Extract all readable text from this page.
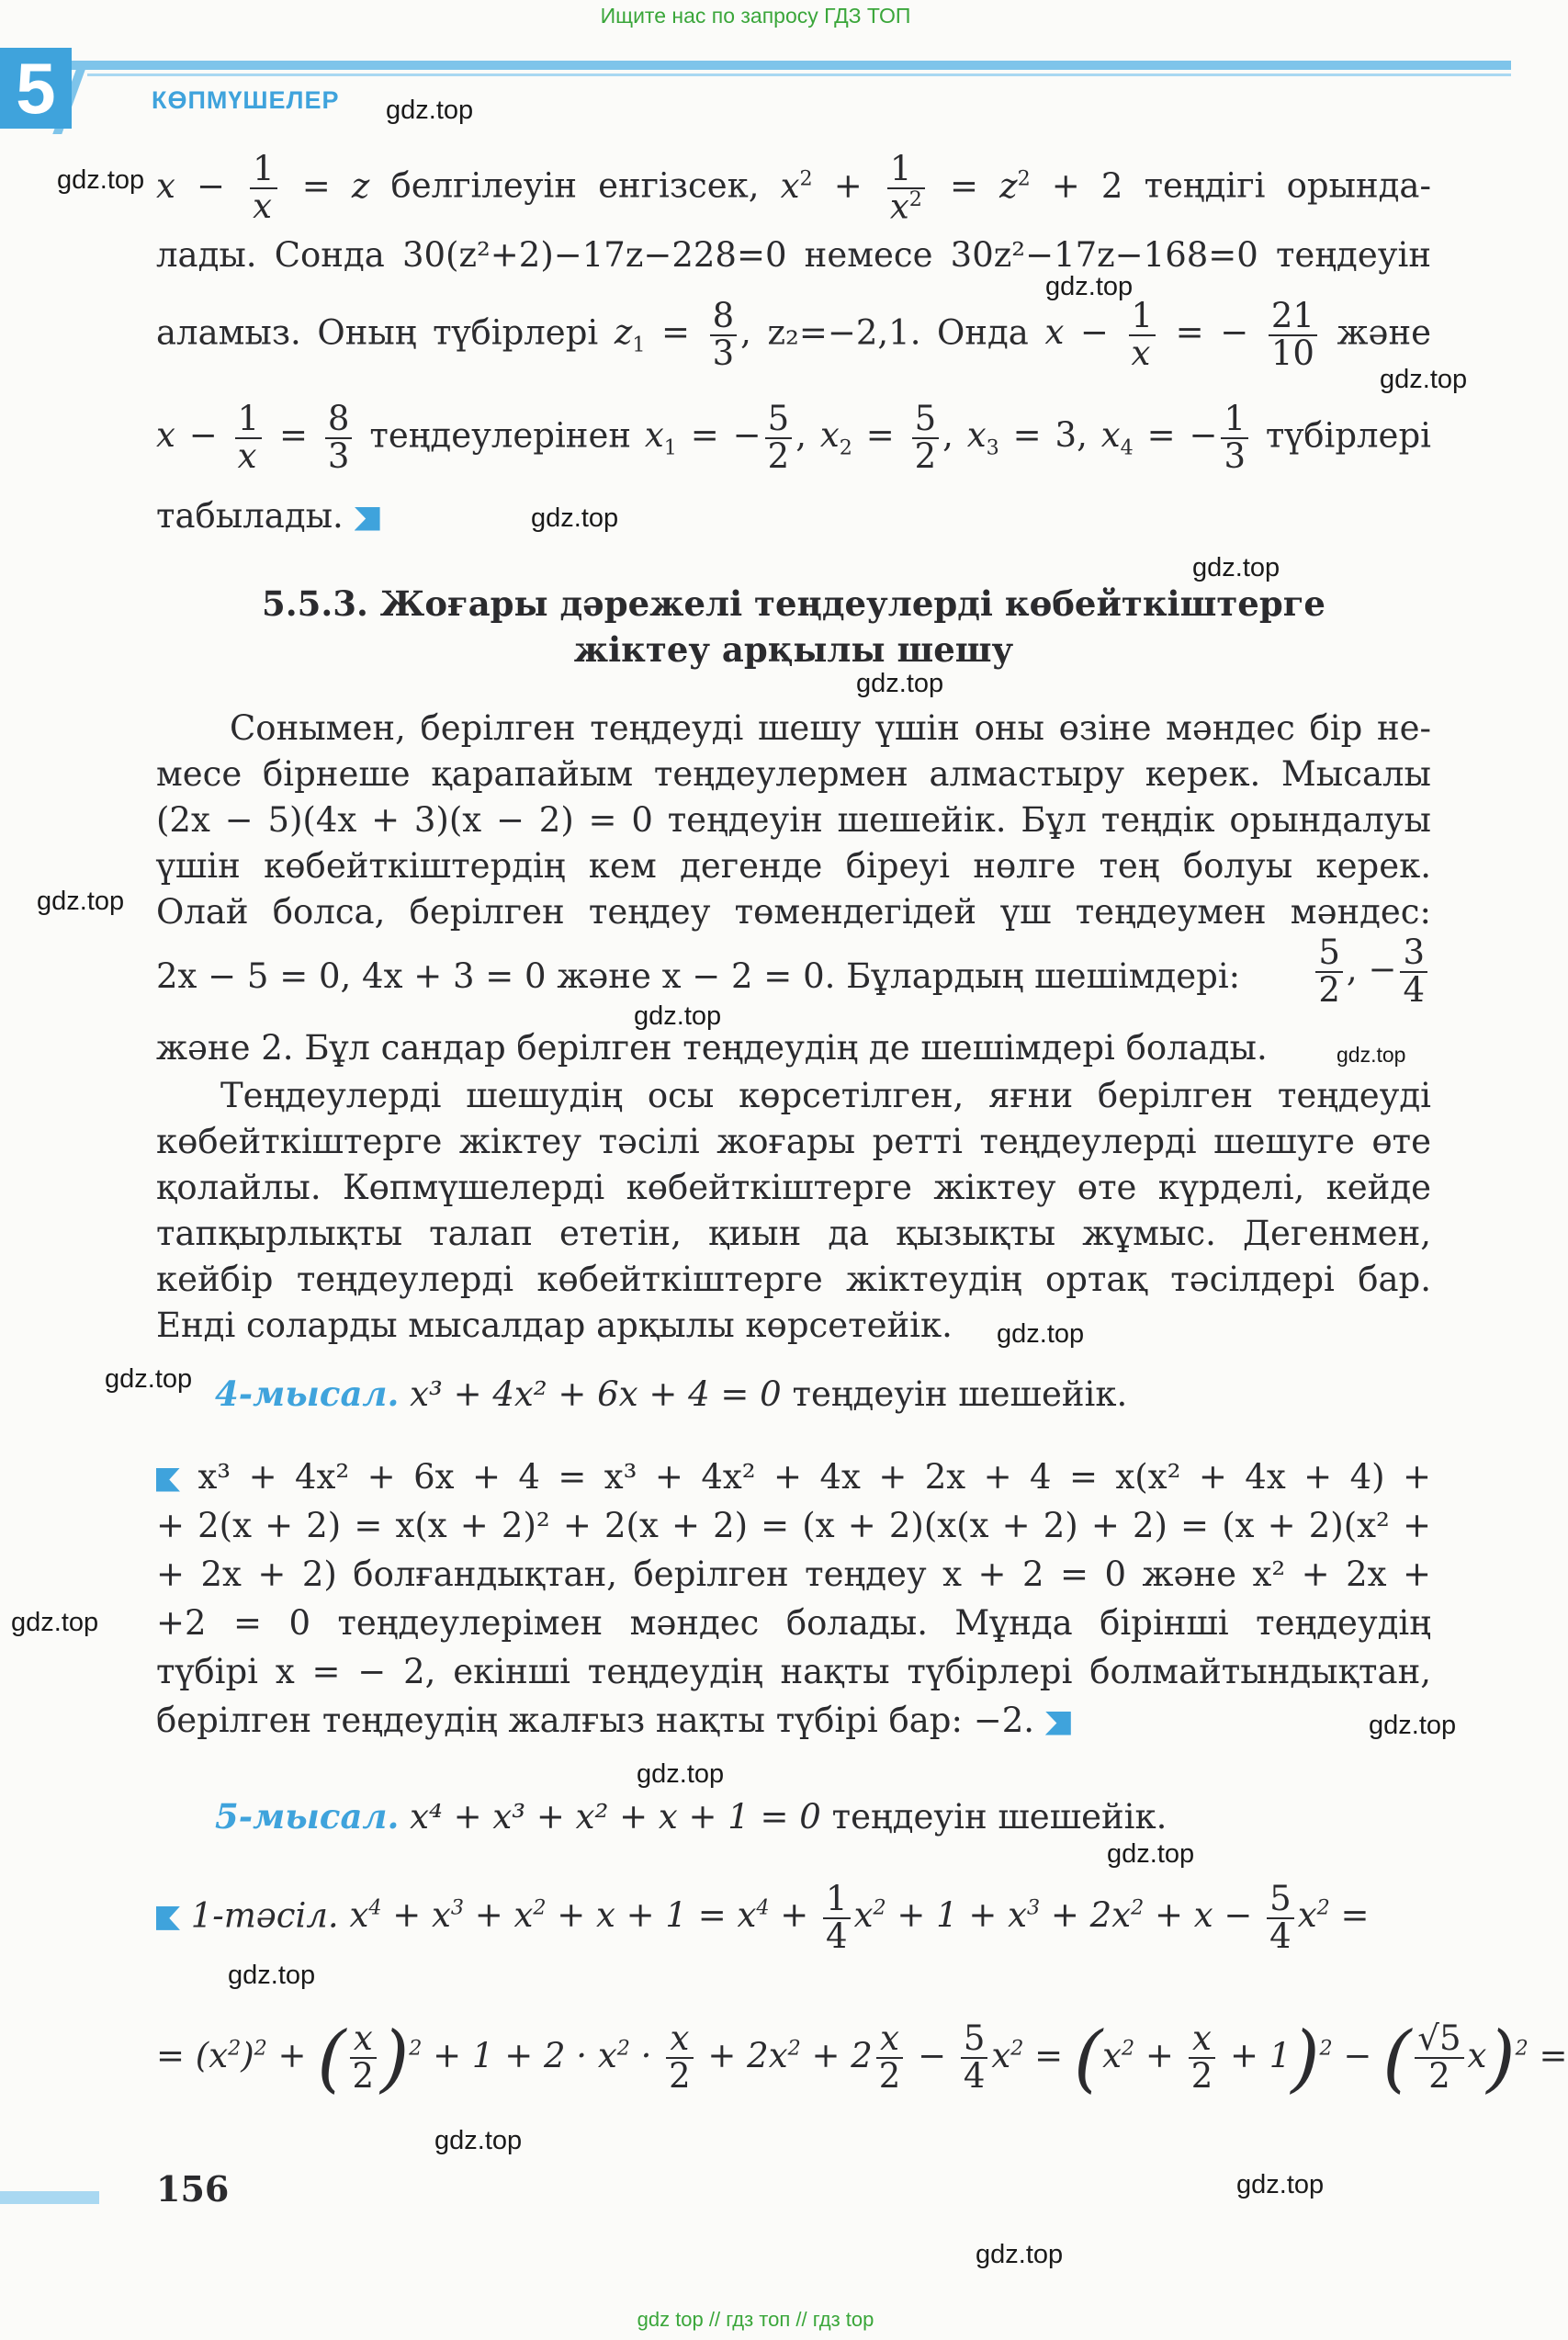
Ищите нас по запросу ГДЗ ТОП
5	КӨПМҮШЕЛЕР gdz.top
gdz.top
gdz.top
gdz.top
gdz.top
gdz.top
gdz.top
gdz.top
gdz.top
gdz.top
gdz.top
gdz.top
gdz.top
gdz.top
gdz.top
gdz.top
gdz.top
gdz.top
gdz.top
gdz.top
$x - \frac{1}{x} = z$ белгілеуін енгізсек, $x^2 + \frac{1}{x^2} = z^2 + 2$ теңдігі орында-
лады. Сонда 30(z²+2)−17z−228=0 немесе 30z²−17z−168=0 теңдеуін
аламыз. Оның түбірлері $z_1 = \frac{8}{3}$ , z₂=−2,1. Онда $x - \frac{1}{x}$ = − $\frac{21}{10}$ және
$x - \frac{1}{x} = \frac{8}{3}$ теңдеулерінен $x_1$ = − $\frac{5}{2}$ , $x_2 = \frac{5}{2}$ , $x_3 = 3$, $x_4$ = − $\frac{1}{3}$ түбірлері
табылады.
5.5.3. Жоғары дәрежелі теңдеулерді көбейткіштерге
жіктеу арқылы шешу
Сонымен, берілген теңдеуді шешу үшін оны өзіне мәндес бір не-
месе бірнеше қарапайым теңдеулермен алмастыру керек. Мысалы
(2x − 5)(4x + 3)(x − 2) = 0 теңдеуін шешейік. Бұл теңдік орындалуы
үшін көбейткіштердің кем дегенде біреуі нөлге тең болуы керек.
Олай болса, берілген теңдеу төмендегідей үш теңдеумен мәндес:
2x − 5 = 0, 4x + 3 = 0 және x − 2 = 0. Бұлардың шешімдері: $\frac{5}{2}$ , − $\frac{3}{4}$
және 2. Бұл сандар берілген теңдеудің де шешімдері болады.
Теңдеулерді шешудің осы көрсетілген, яғни берілген теңдеуді
көбейткіштерге жіктеу тәсілі жоғары ретті теңдеулерді шешуге өте
қолайлы. Көпмүшелерді көбейткіштерге жіктеу өте күрделі, кейде
тапқырлықты талап ететін, қиын да қызықты жұмыс. Дегенмен,
кейбір теңдеулерді көбейткіштерге жіктеудің ортақ тәсілдері бар.
Енді соларды мысалдар арқылы көрсетейік.
4-мысал. x³ + 4x² + 6x + 4 = 0 теңдеуін шешейік.
x³ + 4x² + 6x + 4 = x³ + 4x² + 4x + 2x + 4 = x(x² + 4x + 4) +
+ 2(x + 2) = x(x + 2)² + 2(x + 2) = (x + 2)(x(x + 2) + 2) = (x + 2)(x² +
+ 2x + 2) болғандықтан, берілген теңдеу x + 2 = 0 және x² + 2x +
+2 = 0 теңдеулерімен мәндес болады. Мұнда бірінші теңдеудің
түбірі x = − 2, екінші теңдеудің нақты түбірлері болмайтындықтан,
берілген теңдеудің жалғыз нақты түбірі бар: −2.
5-мысал. x⁴ + x³ + x² + x + 1 = 0 теңдеуін шешейік.
1-тәсіл. $x^4 + x^3 + x^2 + x + 1 = x^4 + \frac{1}{4} x^2 + 1 + x^3 + 2x^2 + x - \frac{5}{4} x^2$ =
= $(x^2)^2$ + ( $\frac{x}{2} )^2 + 1 + 2 \cdot x^2 \cdot \frac{x}{2} + 2x^2 + 2 \frac{x}{2} - \frac{5}{4} x^2 = (x^2 + \frac{x}{2} + 1)^2$ − ( $\frac{√5}{2} x)^2$ =
156
gdz top // гдз топ // гдз top
